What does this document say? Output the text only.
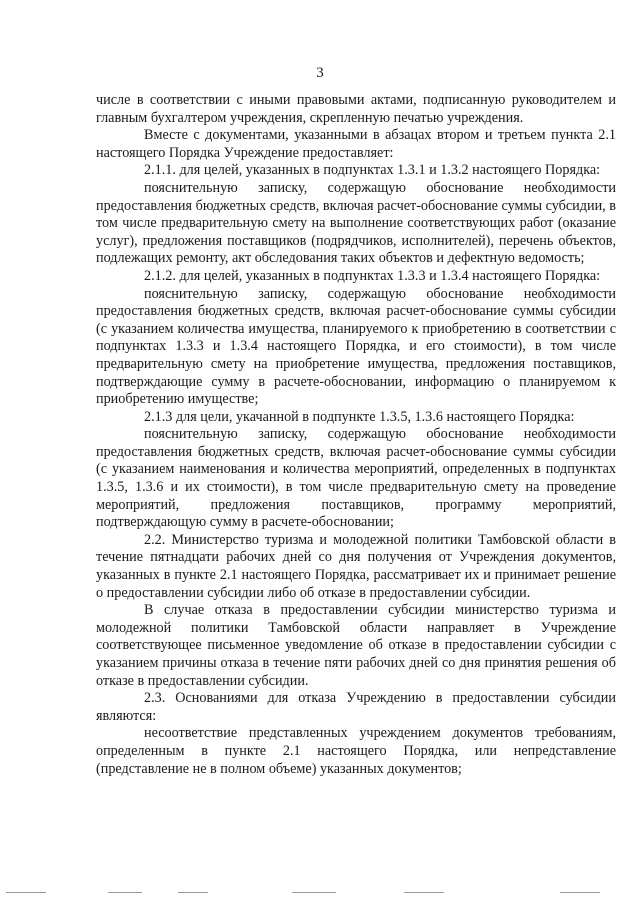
3

числе в соответствии с иными правовыми актами, подписанную руководителем и главным бухгалтером учреждения, скрепленную печатью учреждения.

Вместе с документами, указанными в абзацах втором и третьем пункта 2.1 настоящего Порядка Учреждение предоставляет:

2.1.1. для целей, указанных в подпунктах 1.3.1 и 1.3.2 настоящего Порядка:

пояснительную записку, содержащую обоснование необходимости предоставления бюджетных средств, включая расчет-обоснование суммы субсидии, в том числе предварительную смету на выполнение соответствующих работ (оказание услуг), предложения поставщиков (подрядчиков, исполнителей), перечень объектов, подлежащих ремонту, акт обследования таких объектов и дефектную ведомость;

2.1.2. для целей, указанных в подпунктах 1.3.3 и 1.3.4 настоящего Порядка:

пояснительную записку, содержащую обоснование необходимости предоставления бюджетных средств, включая расчет-обоснование суммы субсидии (с указанием количества имущества, планируемого к приобретению в соответствии с подпунктах 1.3.3 и 1.3.4 настоящего Порядка, и его стоимости), в том числе предварительную смету на приобретение имущества, предложения поставщиков, подтверждающие сумму в расчете-обосновании, информацию о планируемом к приобретению имуществе;

2.1.3 для цели, укачанной в подпункте 1.3.5, 1.3.6 настоящего Порядка:

пояснительную записку, содержащую обоснование необходимости предоставления бюджетных средств, включая расчет-обоснование суммы субсидии (с указанием наименования и количества мероприятий, определенных в подпунктах 1.3.5, 1.3.6 и их стоимости), в том числе предварительную смету на проведение мероприятий, предложения поставщиков, программу мероприятий, подтверждающую сумму в расчете-обосновании;

2.2. Министерство туризма и молодежной политики Тамбовской области в течение пятнадцати рабочих дней со дня получения от Учреждения документов, указанных в пункте 2.1 настоящего Порядка, рассматривает их и принимает решение о предоставлении субсидии либо об отказе в предоставлении субсидии.

В случае отказа в предоставлении субсидии министерство туризма и молодежной политики Тамбовской области направляет в Учреждение соответствующее письменное уведомление об отказе в предоставлении субсидии с указанием причины отказа в течение пяти рабочих дней со дня принятия решения об отказе в предоставлении субсидии.

2.3. Основаниями для отказа Учреждению в предоставлении субсидии являются:

несоответствие представленных учреждением документов требованиям, определенным в пункте 2.1 настоящего Порядка, или непредставление (представление не в полном объеме) указанных документов;
